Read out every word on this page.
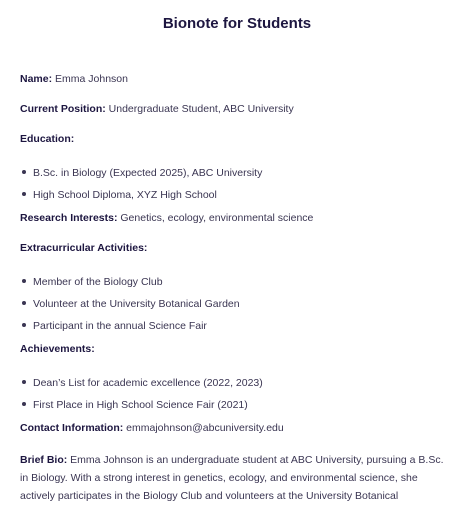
Bionote for Students
Name: Emma Johnson
Current Position: Undergraduate Student, ABC University
Education:
B.Sc. in Biology (Expected 2025), ABC University
High School Diploma, XYZ High School
Research Interests: Genetics, ecology, environmental science
Extracurricular Activities:
Member of the Biology Club
Volunteer at the University Botanical Garden
Participant in the annual Science Fair
Achievements:
Dean’s List for academic excellence (2022, 2023)
First Place in High School Science Fair (2021)
Contact Information: emmajohnson@abcuniversity.edu
Brief Bio: Emma Johnson is an undergraduate student at ABC University, pursuing a B.Sc. in Biology. With a strong interest in genetics, ecology, and environmental science, she actively participates in the Biology Club and volunteers at the University Botanical
